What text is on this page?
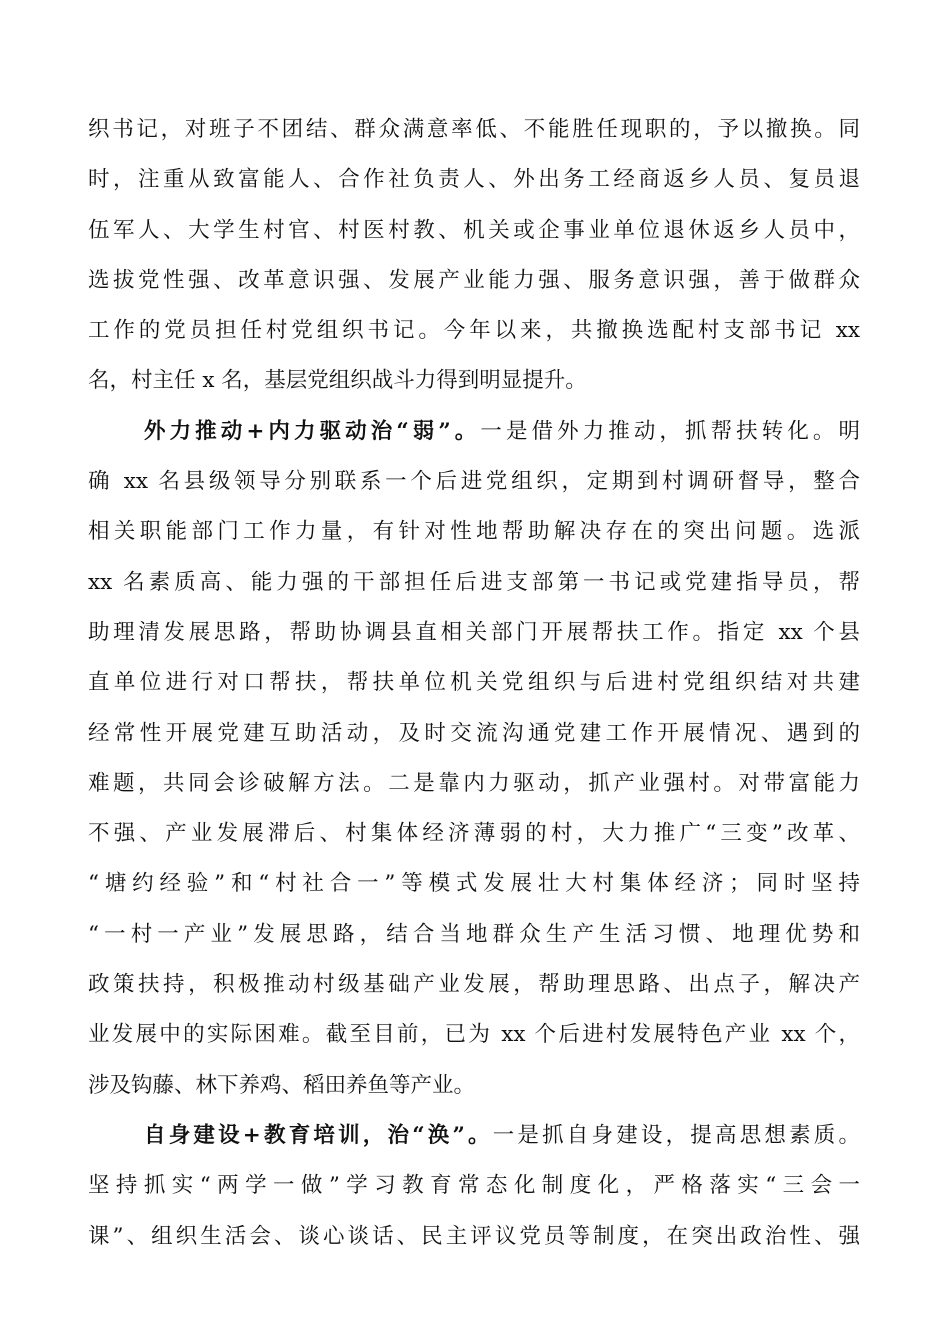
织书记，对班子不团结、群众满意率低、不能胜任现职的，予以撤换。同
时，注重从致富能人、合作社负责人、外出务工经商返乡人员、复员退
伍军人、大学生村官、村医村教、机关或企事业单位退休返乡人员中，
选拔党性强、改革意识强、发展产业能力强、服务意识强，善于做群众
工作的党员担任村党组织书记。今年以来，共撤换选配村支部书记 xx
名，村主任 x 名，基层党组织战斗力得到明显提升。
外力推动+内力驱动治“弱”。一是借外力推动，抓帮扶转化。明
确 xx 名县级领导分别联系一个后进党组织，定期到村调研督导，整合
相关职能部门工作力量，有针对性地帮助解决存在的突出问题。选派
xx 名素质高、能力强的干部担任后进支部第一书记或党建指导员，帮
助理清发展思路，帮助协调县直相关部门开展帮扶工作。指定 xx 个县
直单位进行对口帮扶，帮扶单位机关党组织与后进村党组织结对共建
经常性开展党建互助活动，及时交流沟通党建工作开展情况、遇到的
难题，共同会诊破解方法。二是靠内力驱动，抓产业强村。对带富能力
不强、产业发展滞后、村集体经济薄弱的村，大力推广“三变”改革、
“塘约经验”和“村社合一”等模式发展壮大村集体经济；同时坚持
“一村一产业”发展思路，结合当地群众生产生活习惯、地理优势和
政策扶持，积极推动村级基础产业发展，帮助理思路、出点子，解决产
业发展中的实际困难。截至目前，已为 xx 个后进村发展特色产业 xx 个，
涉及钩藤、林下养鸡、稻田养鱼等产业。
自身建设+教育培训，治“涣”。一是抓自身建设，提高思想素质。
坚持抓实“两学一做”学习教育常态化制度化，严格落实“三会一
课”、组织生活会、谈心谈话、民主评议党员等制度，在突出政治性、强
